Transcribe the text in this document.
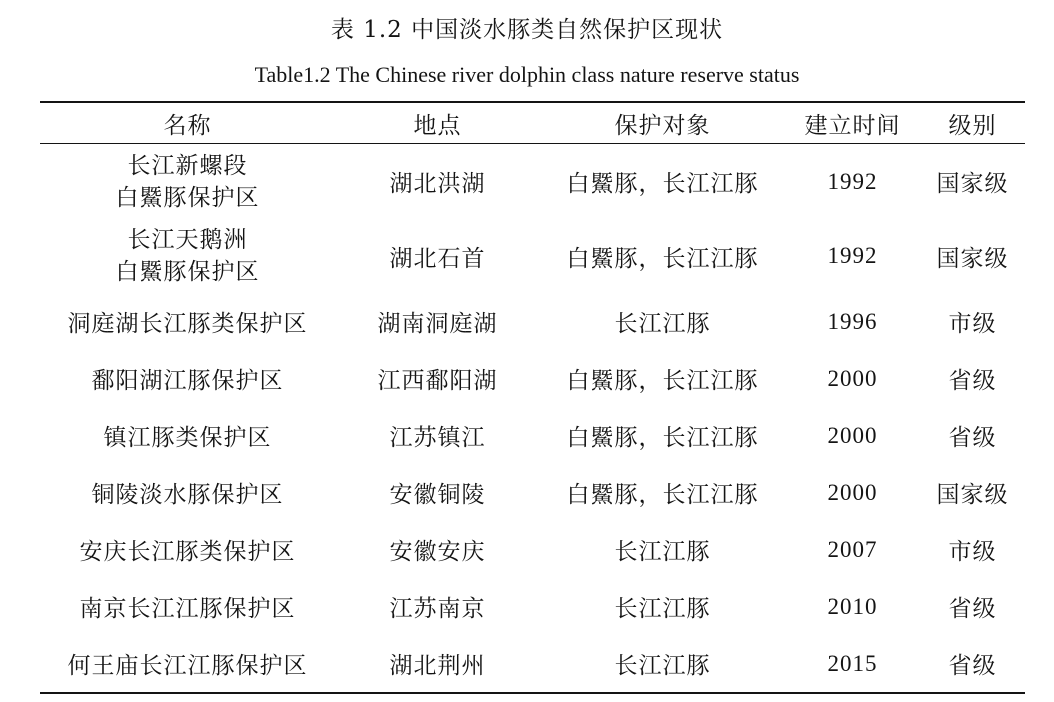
表 1.2 中国淡水豚类自然保护区现状
Table1.2 The Chinese river dolphin class nature reserve status
名称	地点	保护对象	建立时间	级别

长江新螺段
白鱀豚保护区	湖北洪湖	白鱀豚，长江江豚	1992	国家级

长江天鹅洲
白鱀豚保护区	湖北石首	白鱀豚，长江江豚	1992	国家级
洞庭湖长江豚类保护区	湖南洞庭湖	长江江豚	1996	市级
鄱阳湖江豚保护区	江西鄱阳湖	白鱀豚，长江江豚	2000	省级
镇江豚类保护区	江苏镇江	白鱀豚，长江江豚	2000	省级
铜陵淡水豚保护区	安徽铜陵	白鱀豚，长江江豚	2000	国家级
安庆长江豚类保护区	安徽安庆	长江江豚	2007	市级
南京长江江豚保护区	江苏南京	长江江豚	2010	省级
何王庙长江江豚保护区	湖北荆州	长江江豚	2015	省级
